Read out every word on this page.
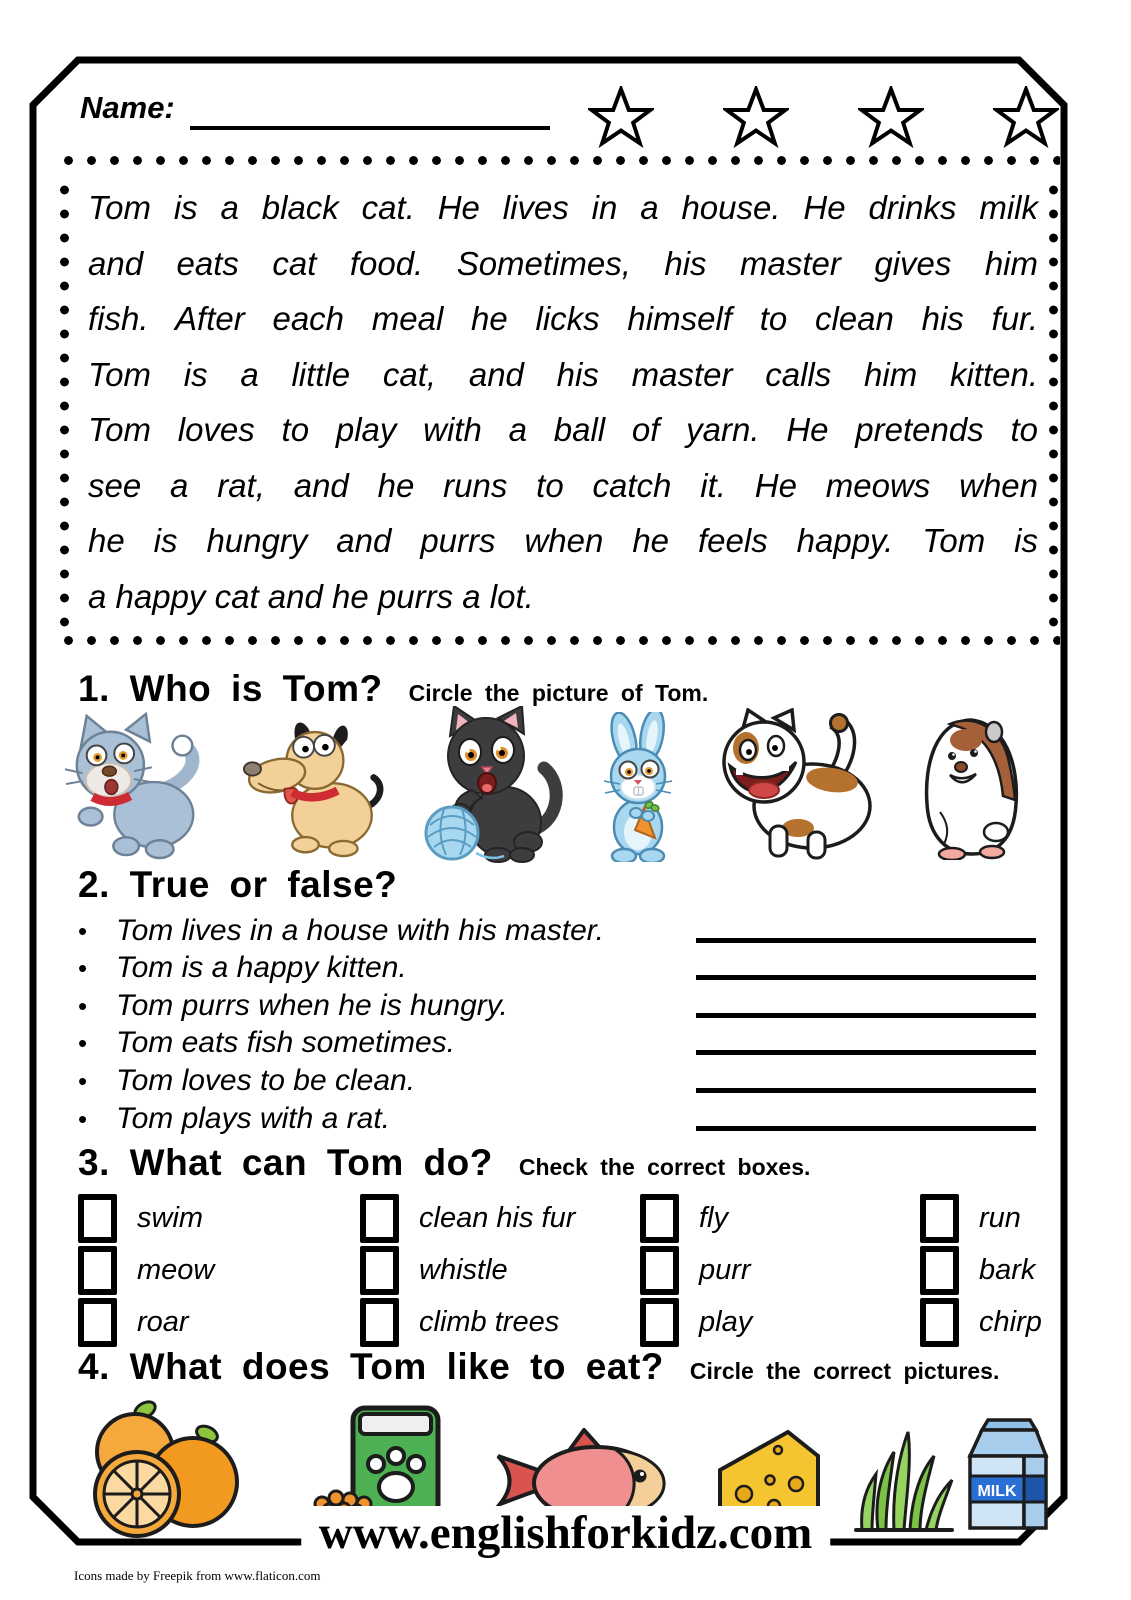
Name:
Tom is a black cat. He lives in a house. He drinks milk
and eats cat food. Sometimes, his master gives him
fish. After each meal he licks himself to clean his fur.
Tom is a little cat, and his master calls him kitten.
Tom loves to play with a ball of yarn. He pretends to
see a rat, and he runs to catch it. He meows when
he is hungry and purrs when he feels happy. Tom is
a happy cat and he purrs a lot.
1. Who is Tom? Circle the picture of Tom.
2. True or false?
• Tom lives in a house with his master.
• Tom is a happy kitten.
• Tom purrs when he is hungry.
• Tom eats fish sometimes.
• Tom loves to be clean.
• Tom plays with a rat.
3. What can Tom do? Check the correct boxes.
swim	clean his fur	fly	run
meow	whistle	purr	bark
roar	climb trees	play	chirp
4. What does Tom like to eat? Circle the correct pictures.
MILK
www.englishforkidz.com
Icons made by Freepik from www.flaticon.com
